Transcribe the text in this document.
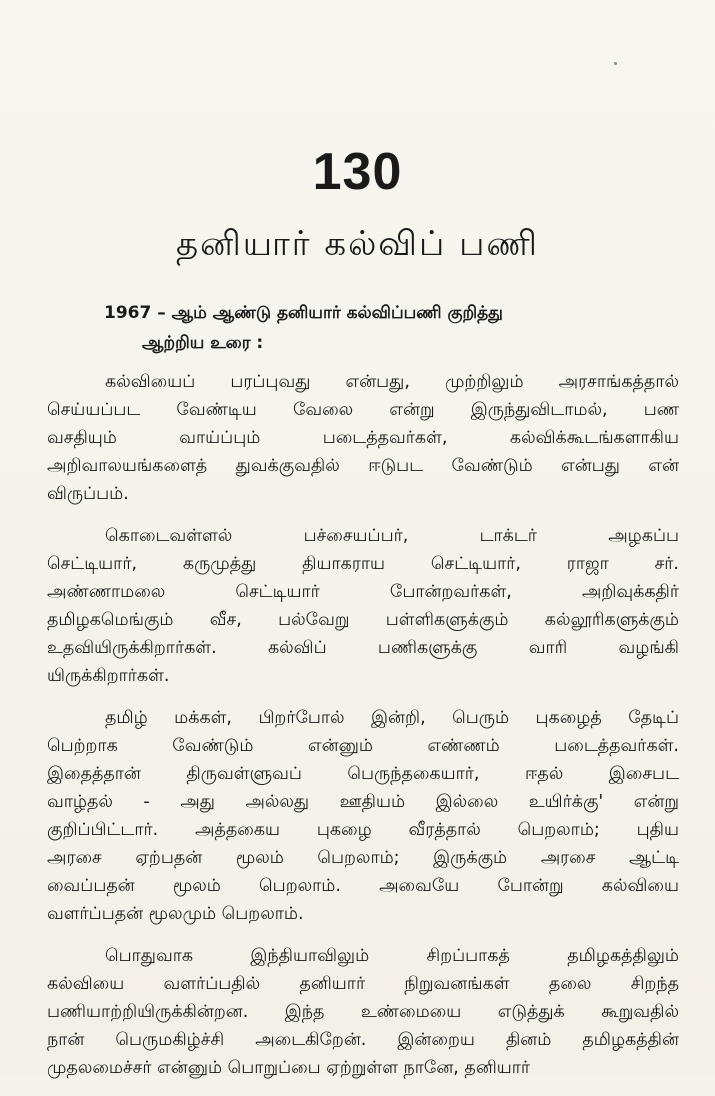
130
தனியார் கல்விப் பணி
1967 – ஆம் ஆண்டு தனியார் கல்விப்பணி குறித்து
ஆற்றிய உரை :
கல்வியைப் பரப்புவது என்பது, முற்றிலும் அரசாங்கத்தால்
செய்யப்பட வேண்டிய வேலை என்று இருந்துவிடாமல், பண
வசதியும் வாய்ப்பும் படைத்தவர்கள், கல்விக்கூடங்களாகிய
அறிவாலயங்களைத் துவக்குவதில் ஈடுபட வேண்டும் என்பது என்
விருப்பம்.
கொடைவள்ளல் பச்சையப்பர், டாக்டர் அழகப்ப
செட்டியார், கருமுத்து தியாகராய செட்டியார், ராஜா சர்.
அண்ணாமலை செட்டியார் போன்றவர்கள், அறிவுக்கதிர்
தமிழகமெங்கும் வீச, பல்வேறு பள்ளிகளுக்கும் கல்லூரிகளுக்கும்
உதவியிருக்கிறார்கள். கல்விப் பணிகளுக்கு வாரி வழங்கி
யிருக்கிறார்கள்.
தமிழ் மக்கள், பிறர்போல் இன்றி, பெரும் புகழைத் தேடிப்
பெற்றாக வேண்டும் என்னும் எண்ணம் படைத்தவர்கள்.
இதைத்தான் திருவள்ளுவப் பெருந்தகையார், ஈதல் இசைபட
வாழ்தல் - அது அல்லது ஊதியம் இல்லை உயிர்க்கு' என்று
குறிப்பிட்டார். அத்தகைய புகழை வீரத்தால் பெறலாம்; புதிய
அரசை ஏற்பதன் மூலம் பெறலாம்; இருக்கும் அரசை ஆட்டி
வைப்பதன் மூலம் பெறலாம். அவையே போன்று கல்வியை
வளர்ப்பதன் மூலமும் பெறலாம்.
பொதுவாக இந்தியாவிலும் சிறப்பாகத் தமிழகத்திலும்
கல்வியை வளர்ப்பதில் தனியார் நிறுவனங்கள் தலை சிறந்த
பணியாற்றியிருக்கின்றன. இந்த உண்மையை எடுத்துக் கூறுவதில்
நான் பெருமகிழ்ச்சி அடைகிறேன். இன்றைய தினம் தமிழகத்தின்
முதலமைச்சர் என்னும் பொறுப்பை ஏற்றுள்ள நானே, தனியார்
